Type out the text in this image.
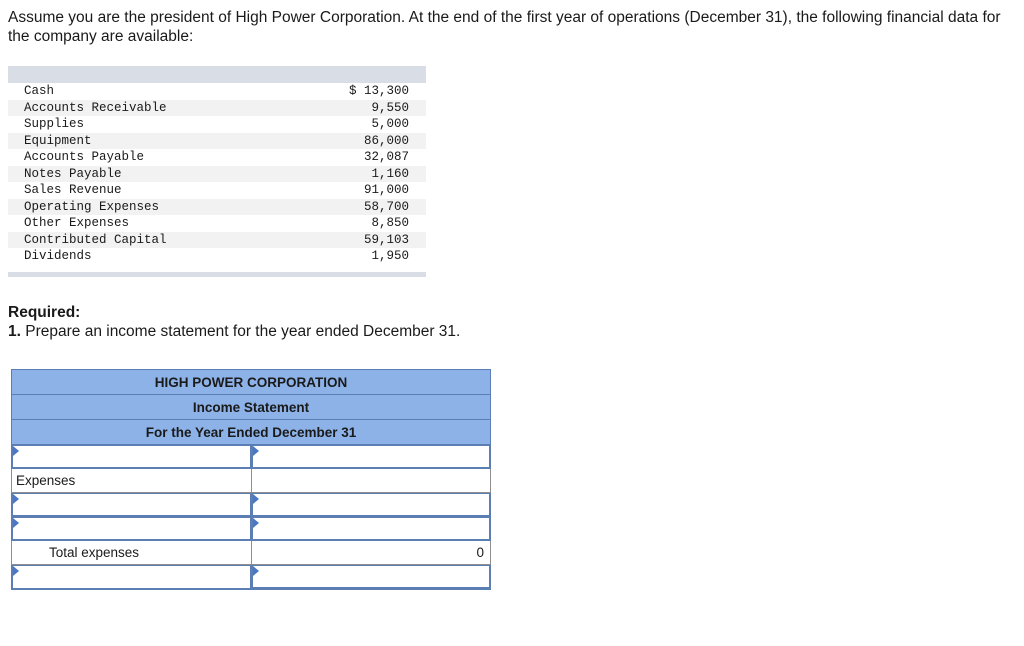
Assume you are the president of High Power Corporation. At the end of the first year of operations (December 31), the following financial data for the company are available:

Cash	$ 13,300
Accounts Receivable	9,550
Supplies	5,000
Equipment	86,000
Accounts Payable	32,087
Notes Payable	1,160
Sales Revenue	91,000
Operating Expenses	58,700
Other Expenses	8,850
Contributed Capital	59,103
Dividends	1,950
Required:
1. Prepare an income statement for the year ended December 31.
HIGH POWER CORPORATION	
Income Statement	
For the Year Ended December 31	

Expenses	

Total expenses	0
